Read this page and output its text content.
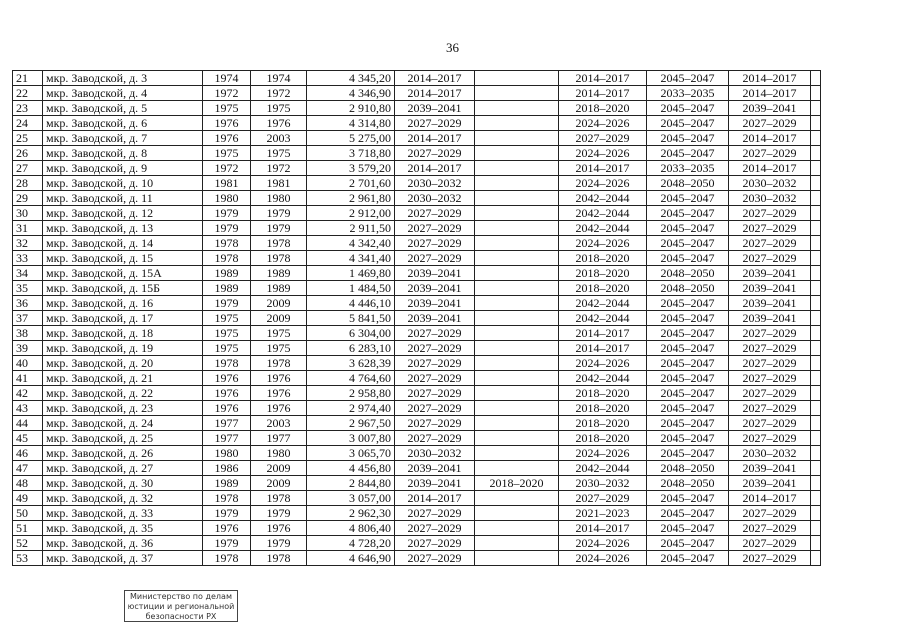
36
21	мкр. Заводской, д. 3	1974	1974	4 345,20	2014–2017		2014–2017	2045–2047	2014–2017	
22	мкр. Заводской, д. 4	1972	1972	4 346,90	2014–2017		2014–2017	2033–2035	2014–2017	
23	мкр. Заводской, д. 5	1975	1975	2 910,80	2039–2041		2018–2020	2045–2047	2039–2041	
24	мкр. Заводской, д. 6	1976	1976	4 314,80	2027–2029		2024–2026	2045–2047	2027–2029	
25	мкр. Заводской, д. 7	1976	2003	5 275,00	2014–2017		2027–2029	2045–2047	2014–2017	
26	мкр. Заводской, д. 8	1975	1975	3 718,80	2027–2029		2024–2026	2045–2047	2027–2029	
27	мкр. Заводской, д. 9	1972	1972	3 579,20	2014–2017		2014–2017	2033–2035	2014–2017	
28	мкр. Заводской, д. 10	1981	1981	2 701,60	2030–2032		2024–2026	2048–2050	2030–2032	
29	мкр. Заводской, д. 11	1980	1980	2 961,80	2030–2032		2042–2044	2045–2047	2030–2032	
30	мкр. Заводской, д. 12	1979	1979	2 912,00	2027–2029		2042–2044	2045–2047	2027–2029	
31	мкр. Заводской, д. 13	1979	1979	2 911,50	2027–2029		2042–2044	2045–2047	2027–2029	
32	мкр. Заводской, д. 14	1978	1978	4 342,40	2027–2029		2024–2026	2045–2047	2027–2029	
33	мкр. Заводской, д. 15	1978	1978	4 341,40	2027–2029		2018–2020	2045–2047	2027–2029	
34	мкр. Заводской, д. 15А	1989	1989	1 469,80	2039–2041		2018–2020	2048–2050	2039–2041	
35	мкр. Заводской, д. 15Б	1989	1989	1 484,50	2039–2041		2018–2020	2048–2050	2039–2041	
36	мкр. Заводской, д. 16	1979	2009	4 446,10	2039–2041		2042–2044	2045–2047	2039–2041	
37	мкр. Заводской, д. 17	1975	2009	5 841,50	2039–2041		2042–2044	2045–2047	2039–2041	
38	мкр. Заводской, д. 18	1975	1975	6 304,00	2027–2029		2014–2017	2045–2047	2027–2029	
39	мкр. Заводской, д. 19	1975	1975	6 283,10	2027–2029		2014–2017	2045–2047	2027–2029	
40	мкр. Заводской, д. 20	1978	1978	3 628,39	2027–2029		2024–2026	2045–2047	2027–2029	
41	мкр. Заводской, д. 21	1976	1976	4 764,60	2027–2029		2042–2044	2045–2047	2027–2029	
42	мкр. Заводской, д. 22	1976	1976	2 958,80	2027–2029		2018–2020	2045–2047	2027–2029	
43	мкр. Заводской, д. 23	1976	1976	2 974,40	2027–2029		2018–2020	2045–2047	2027–2029	
44	мкр. Заводской, д. 24	1977	2003	2 967,50	2027–2029		2018–2020	2045–2047	2027–2029	
45	мкр. Заводской, д. 25	1977	1977	3 007,80	2027–2029		2018–2020	2045–2047	2027–2029	
46	мкр. Заводской, д. 26	1980	1980	3 065,70	2030–2032		2024–2026	2045–2047	2030–2032	
47	мкр. Заводской, д. 27	1986	2009	4 456,80	2039–2041		2042–2044	2048–2050	2039–2041	
48	мкр. Заводской, д. 30	1989	2009	2 844,80	2039–2041	2018–2020	2030–2032	2048–2050	2039–2041	
49	мкр. Заводской, д. 32	1978	1978	3 057,00	2014–2017		2027–2029	2045–2047	2014–2017	
50	мкр. Заводской, д. 33	1979	1979	2 962,30	2027–2029		2021–2023	2045–2047	2027–2029	
51	мкр. Заводской, д. 35	1976	1976	4 806,40	2027–2029		2014–2017	2045–2047	2027–2029	
52	мкр. Заводской, д. 36	1979	1979	4 728,20	2027–2029		2024–2026	2045–2047	2027–2029	
53	мкр. Заводской, д. 37	1978	1978	4 646,90	2027–2029		2024–2026	2045–2047	2027–2029	
Министерство по делам
юстиции и региональной
безопасности РХ
